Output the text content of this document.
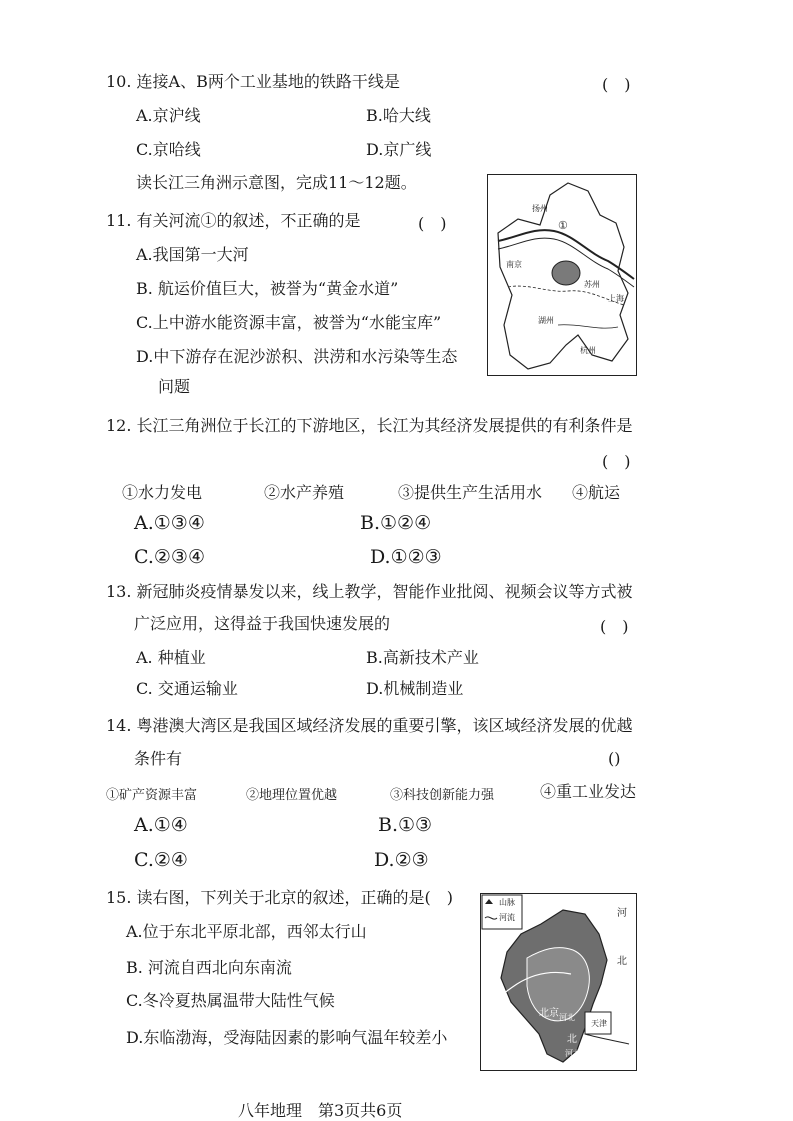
10. 连接A、B两个工业基地的铁路干线是	(　)
A.京沪线	B.哈大线
C.京哈线	D.京广线
读长江三角洲示意图，完成11～12题。
扬州
①
南京
苏州
上海
杭州
湖州
11. 有关河流①的叙述，不正确的是	(　)
A.我国第一大河
B. 航运价值巨大，被誉为“黄金水道”
C.上中游水能资源丰富，被誉为“水能宝库”
D.中下游存在泥沙淤积、洪涝和水污染等生态
问题
12. 长江三角洲位于长江的下游地区，长江为其经济发展提供的有利条件是
(　)
①水力发电	②水产养殖	③提供生产生活用水 ④航运
A.①③④	B.①②④
C.②③④	D.①②③
13. 新冠肺炎疫情暴发以来，线上教学，智能作业批阅、视频会议等方式被
广泛应用，这得益于我国快速发展的	(　)
A. 种植业	B.高新技术产业
C. 交通运输业	D.机械制造业
14. 粤港澳大湾区是我国区域经济发展的重要引擎，该区域经济发展的优越
条件有	()
①矿产资源丰富	②地理位置优越	③科技创新能力强	④重工业发达
A.①④	B.①③
C.②④	D.②③
15. 读右图，下列关于北京的叙述，正确的是(　)
A.位于东北平原北部，西邻太行山
B. 河流自西北向东南流
C.冬冷夏热属温带大陆性气候
D.东临渤海，受海陆因素的影响气温年较差小
山脉
河流	河
北
北京
天津
河北
北
河北
八年地理　第3页共6页
